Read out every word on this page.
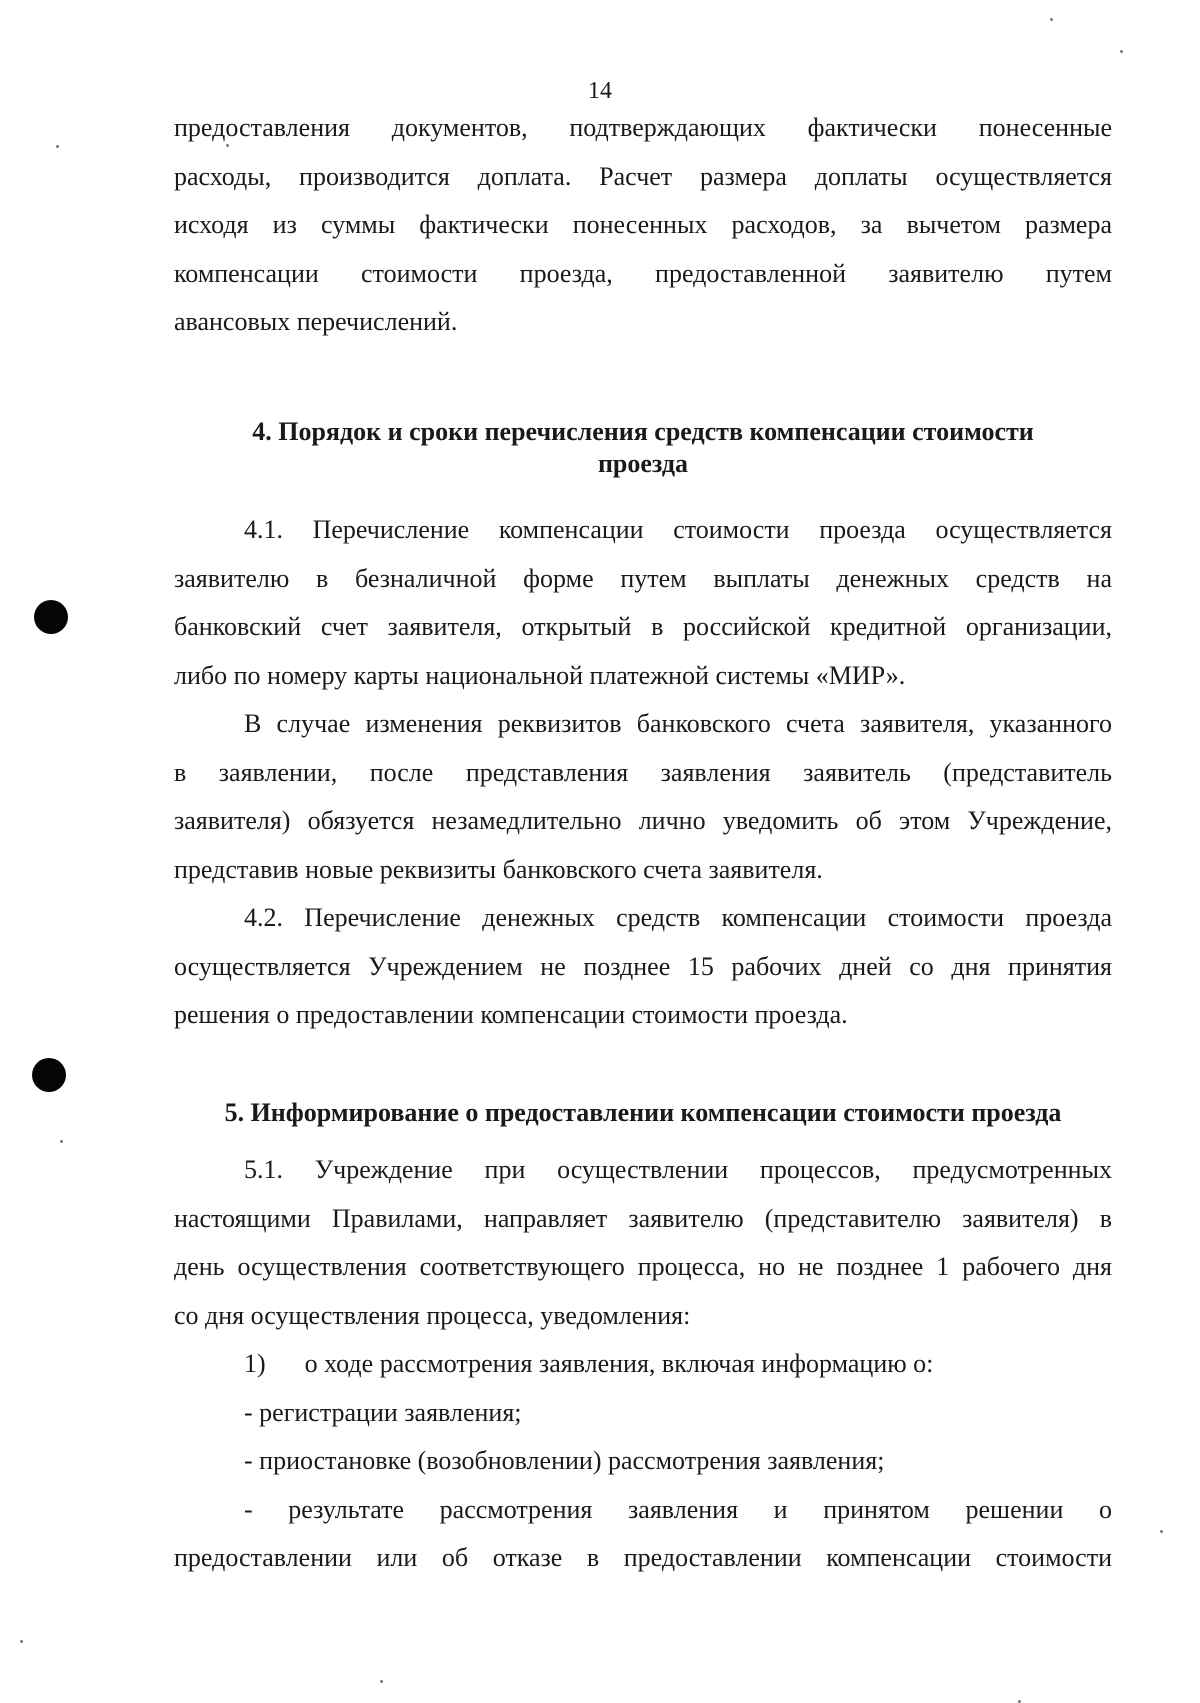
14

предоставления документов, подтверждающих фактически понесенные

расходы, производится доплата. Расчет размера доплаты осуществляется

исходя из суммы фактически понесенных расходов, за вычетом размера

компенсации стоимости проезда, предоставленной заявителю путем

авансовых перечислений.

4. Порядок и сроки перечисления средств компенсации стоимости
проезда

4.1. Перечисление компенсации стоимости проезда осуществляется

заявителю в безналичной форме путем выплаты денежных средств на

банковский счет заявителя, открытый в российской кредитной организации,

либо по номеру карты национальной платежной системы «МИР».

В случае изменения реквизитов банковского счета заявителя, указанного

в заявлении, после представления заявления заявитель (представитель

заявителя) обязуется незамедлительно лично уведомить об этом Учреждение,

представив новые реквизиты банковского счета заявителя.

4.2. Перечисление денежных средств компенсации стоимости проезда

осуществляется Учреждением не позднее 15 рабочих дней со дня принятия

решения о предоставлении компенсации стоимости проезда.

5. Информирование о предоставлении компенсации стоимости проезда

5.1. Учреждение при осуществлении процессов, предусмотренных

настоящими Правилами, направляет заявителю (представителю заявителя) в

день осуществления соответствующего процесса, но не позднее 1 рабочего дня

со дня осуществления процесса, уведомления:

1)      о ходе рассмотрения заявления, включая информацию о:

- регистрации заявления;

- приостановке (возобновлении) рассмотрения заявления;

- результате рассмотрения заявления и принятом решении о

предоставлении или об отказе в предоставлении компенсации стоимости
